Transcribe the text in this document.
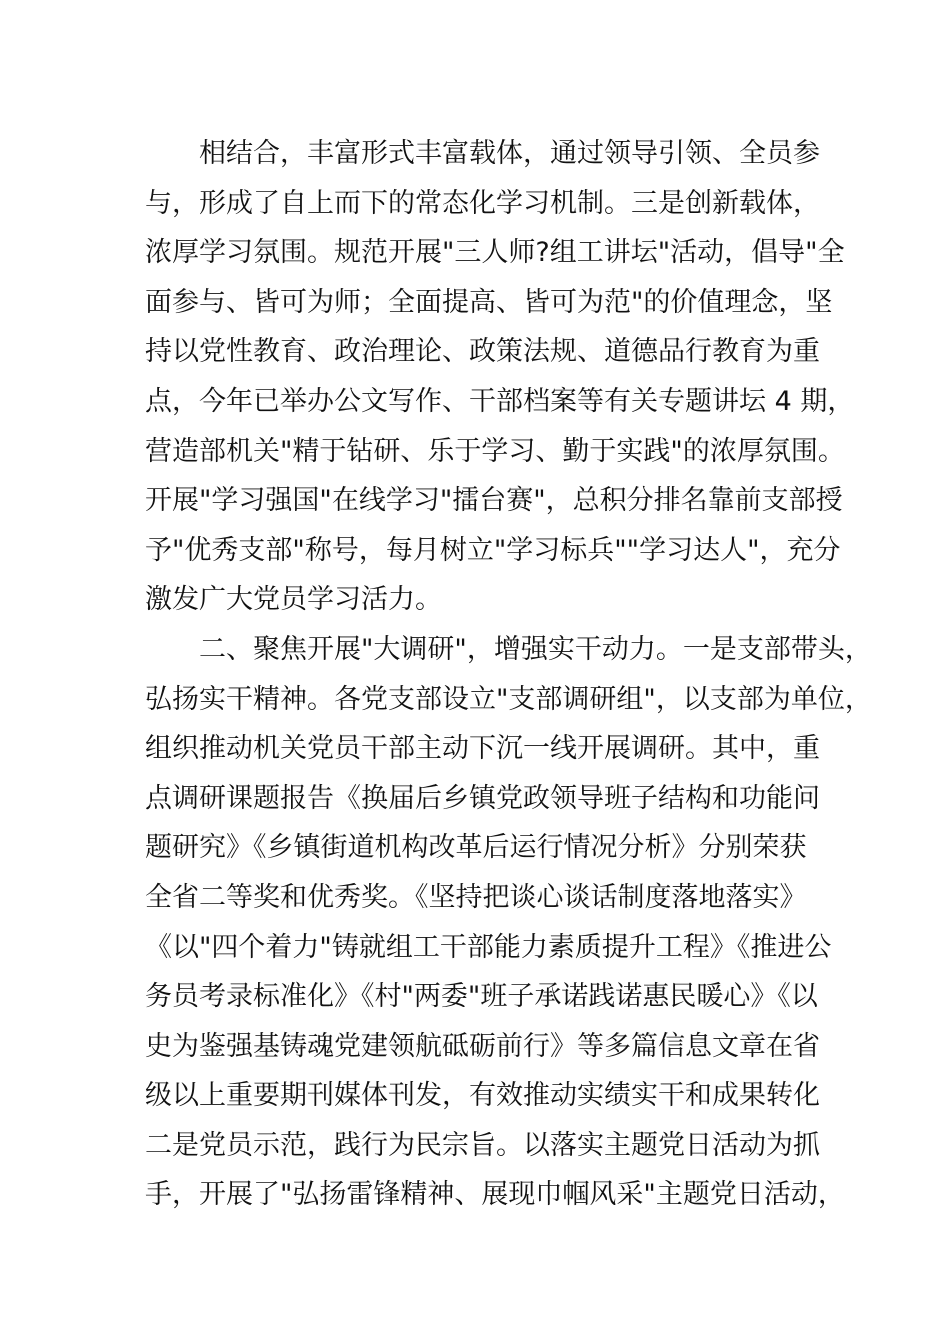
相结合，丰富形式丰富载体，通过领导引领、全员参
与，形成了自上而下的常态化学习机制。三是创新载体，
浓厚学习氛围。规范开展"三人师?组工讲坛"活动，倡导"全
面参与、皆可为师；全面提高、皆可为范"的价值理念，坚
持以党性教育、政治理论、政策法规、道德品行教育为重
点，今年已举办公文写作、干部档案等有关专题讲坛 4 期，
营造部机关"精于钻研、乐于学习、勤于实践"的浓厚氛围。
开展"学习强国"在线学习"擂台赛"，总积分排名靠前支部授
予"优秀支部"称号，每月树立"学习标兵""学习达人"，充分
激发广大党员学习活力。
二、聚焦开展"大调研"，增强实干动力。一是支部带头，
弘扬实干精神。各党支部设立"支部调研组"，以支部为单位，
组织推动机关党员干部主动下沉一线开展调研。其中，重
点调研课题报告《换届后乡镇党政领导班子结构和功能问
题研究》《乡镇街道机构改革后运行情况分析》分别荣获
全省二等奖和优秀奖。《坚持把谈心谈话制度落地落实》
《以"四个着力"铸就组工干部能力素质提升工程》《推进公
务员考录标准化》《村"两委"班子承诺践诺惠民暖心》《以
史为鉴强基铸魂党建领航砥砺前行》等多篇信息文章在省
级以上重要期刊媒体刊发，有效推动实绩实干和成果转化
二是党员示范，践行为民宗旨。以落实主题党日活动为抓
手，开展了"弘扬雷锋精神、展现巾帼风采"主题党日活动，
